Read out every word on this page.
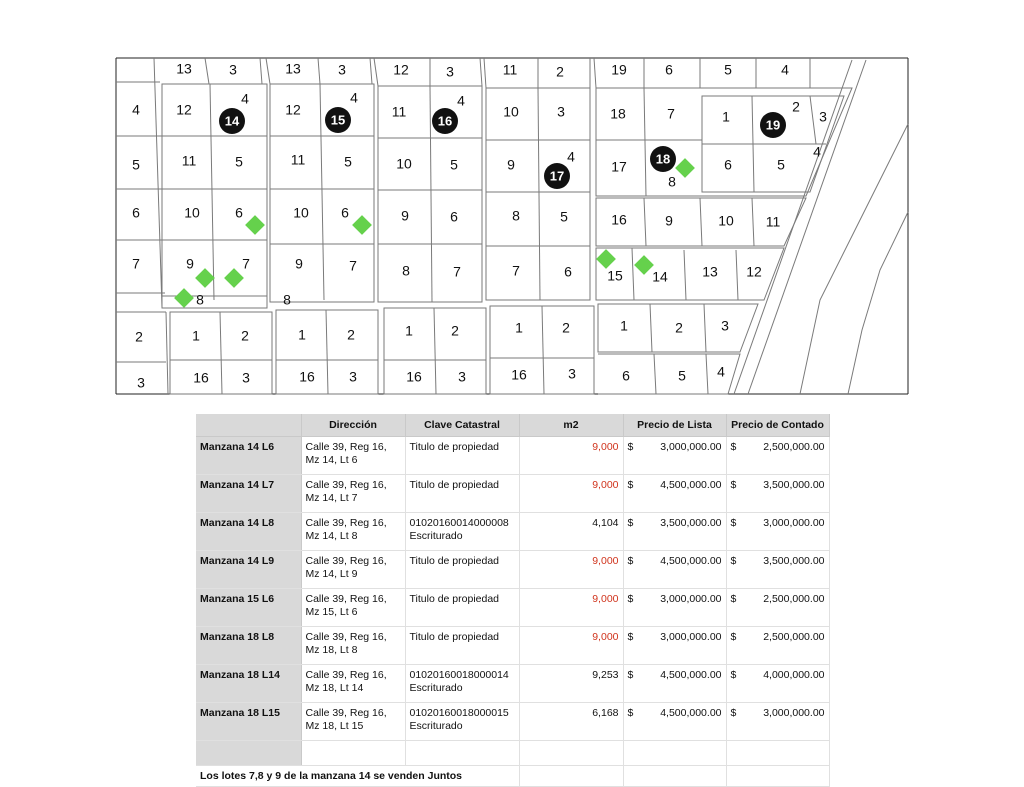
13	3	13	3	12	3	11	2	19	6	5	4
4	12
4
12
4
11
4
10	3	18	7	1
2
3
5	11	5	11	5	10	5	9	4
17
8
6	5
4
6	10	6	10 6	9	6	8	5	16	9	10 11
7	9	7	9	7	8	7	7	6	15 14 13 12
8	8
2	1	2	1	2	1	2	1	2	1	2	3
3	16 3	16 3	16	3	16	3	6	5 4
14	15	16
17
18
19
	Dirección	Clave Catastral	m2	Precio de Lista	Precio de Contado
Manzana 14 L6	Calle 39, Reg 16,
Mz 14, Lt 6	Titulo de propiedad	9,000	$ 3,000,000.00	$ 2,500,000.00

Manzana 14 L7	Calle 39, Reg 16,
Mz 14, Lt 7	Titulo de propiedad	9,000	$ 4,500,000.00	$ 3,500,000.00

Manzana 14 L8	Calle 39, Reg 16,
Mz 14, Lt 8	01020160014000008
Escriturado	4,104	$ 3,500,000.00	$ 3,000,000.00

Manzana 14 L9	Calle 39, Reg 16,
Mz 14, Lt 9	Titulo de propiedad	9,000	$ 4,500,000.00	$ 3,500,000.00

Manzana 15 L6	Calle 39, Reg 16,
Mz 15, Lt 6	Titulo de propiedad	9,000	$ 3,000,000.00	$ 2,500,000.00

Manzana 18 L8	Calle 39, Reg 16,
Mz 18, Lt 8	Titulo de propiedad	9,000	$ 3,000,000.00	$ 2,500,000.00

Manzana 18 L14	Calle 39, Reg 16,
Mz 18, Lt 14	01020160018000014
Escriturado	9,253	$ 4,500,000.00	$ 4,000,000.00

Manzana 18 L15	Calle 39, Reg 16,
Mz 18, Lt 15	01020160018000015
Escriturado	6,168	$ 4,500,000.00	$ 3,000,000.00

Los lotes 7,8 y 9 de la manzana 14 se venden Juntos					
